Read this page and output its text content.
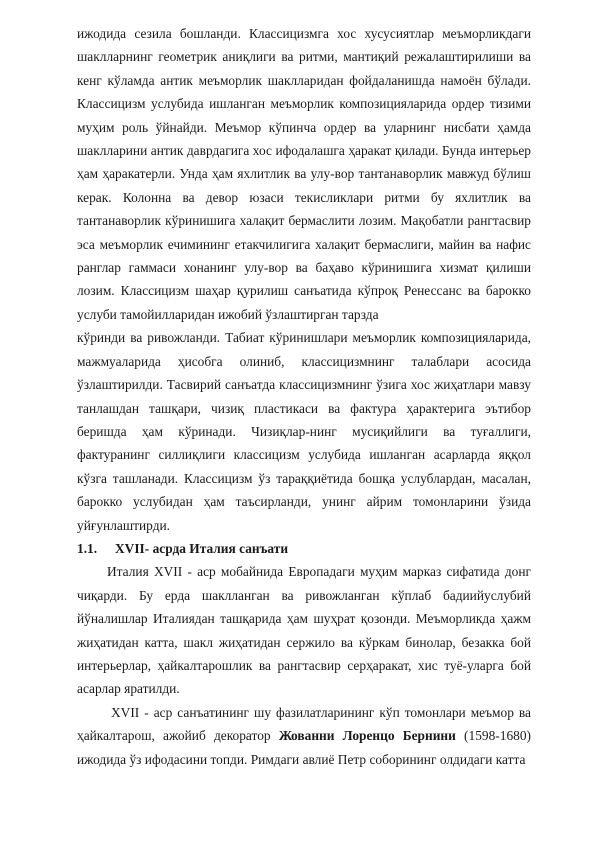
ижодида сезила бошланди. Классицизмга хос хусусиятлар меъморликдаги шаклларнинг геометрик аниқлиги ва ритми, мантиқий режалаштирилиши ва кенг кўламда антик меъморлик шаклларидан фойдаланишда намоён бўлади. Классицизм услубида ишланган меъморлик композицияларида ордер тизими муҳим роль ўйнайди. Меъмор кўпинча ордер ва уларнинг нисбати ҳамда шаклларини антик даврдагига хос ифодалашга ҳаракат қилади. Бунда интерьер ҳам ҳаракатерли. Унда ҳам яхлитлик ва улу-вор тантанаворлик мавжуд бўлиш керак. Колонна ва девор юзаси текисликлари ритми бу яхлитлик ва тантанаворлик кўринишига халақит бермаслити лозим. Мақобатли рангтасвир эса меъморлик ечимининг етакчилигига халақит бермаслиги, майин ва нафис ранглар гаммаси хонанинг улу-вор ва баҳаво кўринишига хизмат қилиши лозим. Классицизм шаҳар қурилиш санъатида кўпроқ Ренессанс ва барокко услуби тамойилларидан ижобий ўзлаштирган тарзда

кўринди ва ривожланди. Табиат кўринишлари меъморлик композицияларида, мажмуаларида ҳисобга олиниб, классицизмнинг талаблари асосида ўзлаштирилди. Тасвирий санъатда классицизмнинг ўзига хос жиҳатлари мавзу танлашдан ташқари, чизиқ пластикаси ва фактура ҳарактерига эътибор беришда ҳам кўринади. Чизиқлар-нинг мусиқийлиги ва туғаллиги, фактуранинг силлиқлиги классицизм услубида ишланган асарларда яққол кўзга ташланади. Классицизм ўз тараққиётида бошқа услублардан, масалан, барокко услубидан ҳам таъсирланди, унинг айрим томонларини ўзида уйғунлаштирди.

1.1.	XVII- асрда Италия санъати

Италия XVII - аср мобайнида Европадаги муҳим марказ сифатида донг чиқарди. Бу ерда шаклланган ва ривожланган кўплаб бадиийуслубий йўналишлар Италиядан ташқарида ҳам шуҳрат қозонди. Меъморликда ҳажм жиҳатидан катта, шакл жиҳатидан сержило ва кўркам бинолар, безакка бой интерьерлар, ҳайкалтарошлик ва рангтасвир серҳаракат, хис туё-уларга бой асарлар яратилди.

XVII - аср санъатининг шу фазилатларининг кўп томонлари меъмор ва ҳайкалтарош, ажойиб декоратор Жованни Лоренцо Бернини (1598-1680) ижодида ўз ифодасини топди. Римдаги авлиё Петр соборининг олдидаги катта
